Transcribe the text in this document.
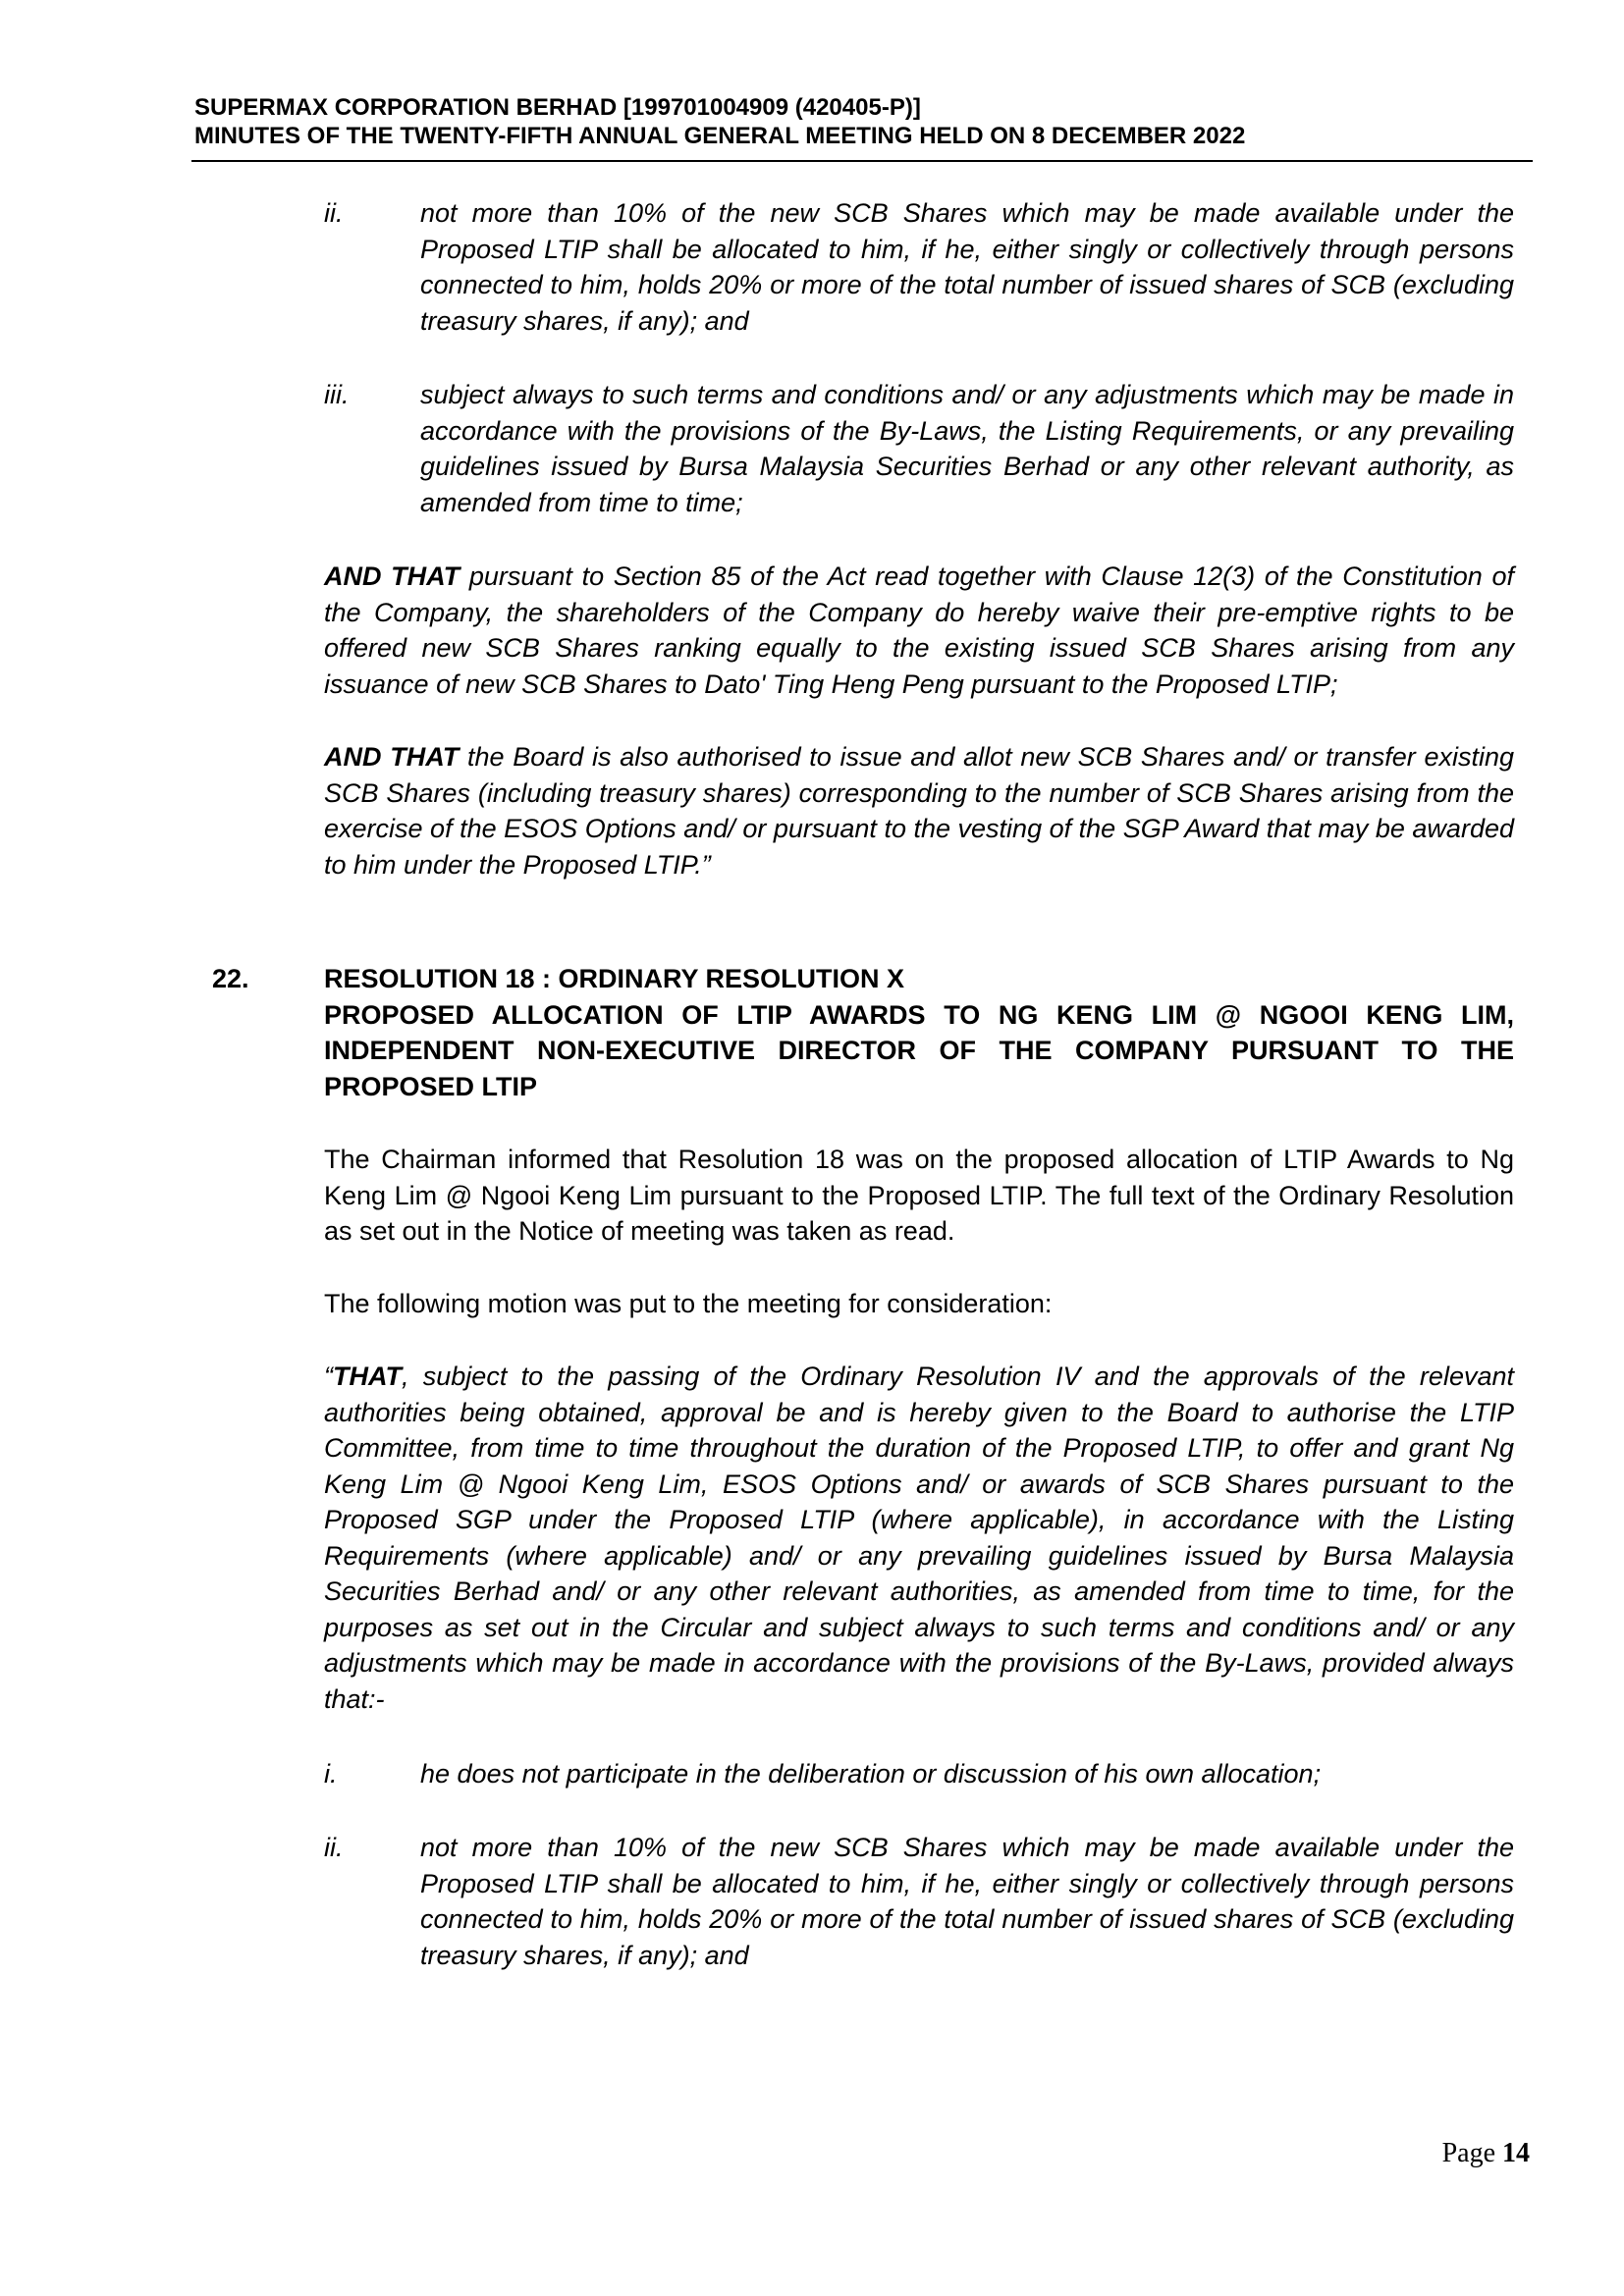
SUPERMAX CORPORATION BERHAD [199701004909 (420405-P)]
MINUTES OF THE TWENTY-FIFTH ANNUAL GENERAL MEETING HELD ON 8 DECEMBER 2022
ii.	not more than 10% of the new SCB Shares which may be made available under the Proposed LTIP shall be allocated to him, if he, either singly or collectively through persons connected to him, holds 20% or more of the total number of issued shares of SCB (excluding treasury shares, if any); and
iii.	subject always to such terms and conditions and/ or any adjustments which may be made in accordance with the provisions of the By-Laws, the Listing Requirements, or any prevailing guidelines issued by Bursa Malaysia Securities Berhad or any other relevant authority, as amended from time to time;
AND THAT pursuant to Section 85 of the Act read together with Clause 12(3) of the Constitution of the Company, the shareholders of the Company do hereby waive their pre-emptive rights to be offered new SCB Shares ranking equally to the existing issued SCB Shares arising from any issuance of new SCB Shares to Dato' Ting Heng Peng pursuant to the Proposed LTIP;
AND THAT the Board is also authorised to issue and allot new SCB Shares and/ or transfer existing SCB Shares (including treasury shares) corresponding to the number of SCB Shares arising from the exercise of the ESOS Options and/ or pursuant to the vesting of the SGP Award that may be awarded to him under the Proposed LTIP.”
22.	RESOLUTION 18 : ORDINARY RESOLUTION X
PROPOSED ALLOCATION OF LTIP AWARDS TO NG KENG LIM @ NGOOI KENG LIM, INDEPENDENT NON-EXECUTIVE DIRECTOR OF THE COMPANY PURSUANT TO THE PROPOSED LTIP
The Chairman informed that Resolution 18 was on the proposed allocation of LTIP Awards to Ng Keng Lim @ Ngooi Keng Lim pursuant to the Proposed LTIP. The full text of the Ordinary Resolution as set out in the Notice of meeting was taken as read.
The following motion was put to the meeting for consideration:
“THAT, subject to the passing of the Ordinary Resolution IV and the approvals of the relevant authorities being obtained, approval be and is hereby given to the Board to authorise the LTIP Committee, from time to time throughout the duration of the Proposed LTIP, to offer and grant Ng Keng Lim @ Ngooi Keng Lim, ESOS Options and/ or awards of SCB Shares pursuant to the Proposed SGP under the Proposed LTIP (where applicable), in accordance with the Listing Requirements (where applicable) and/ or any prevailing guidelines issued by Bursa Malaysia Securities Berhad and/ or any other relevant authorities, as amended from time to time, for the purposes as set out in the Circular and subject always to such terms and conditions and/ or any adjustments which may be made in accordance with the provisions of the By-Laws, provided always that:-
i.	he does not participate in the deliberation or discussion of his own allocation;
ii.	not more than 10% of the new SCB Shares which may be made available under the Proposed LTIP shall be allocated to him, if he, either singly or collectively through persons connected to him, holds 20% or more of the total number of issued shares of SCB (excluding treasury shares, if any); and
Page 14
